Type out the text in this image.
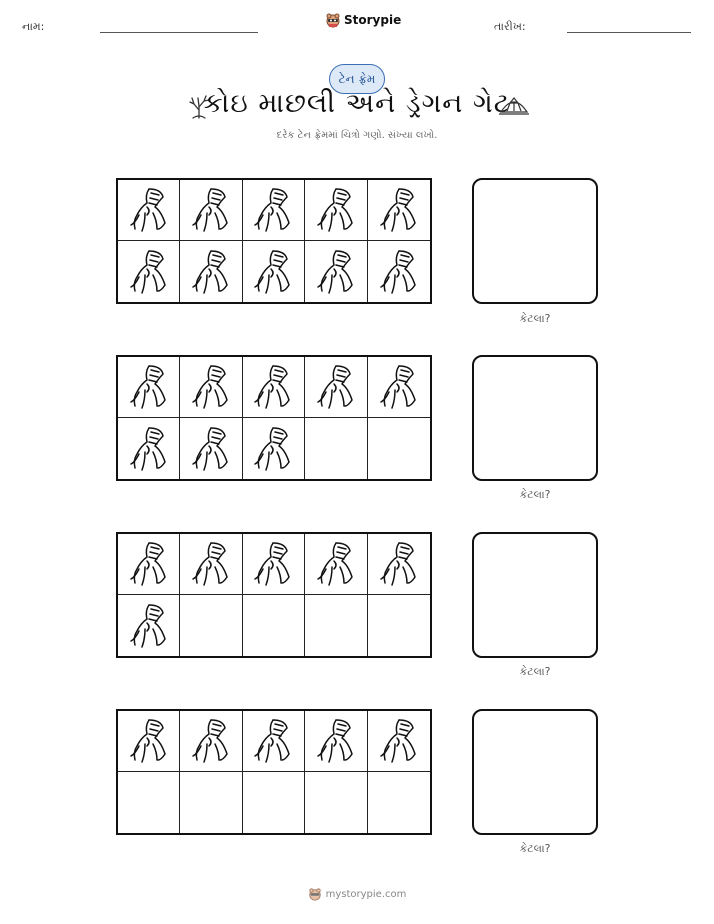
નામ:	Storypie	તારીખ:
ટેન ફ્રેમ
કોઇ માછલી અને ડ્રેગન ગેટ
દરેક ટેન ફ્રેમમાં ચિત્રો ગણો. સંખ્યા લખો.
કેટલા?
કેટલા?
કેટલા?
કેટલા?
mystorypie.com
